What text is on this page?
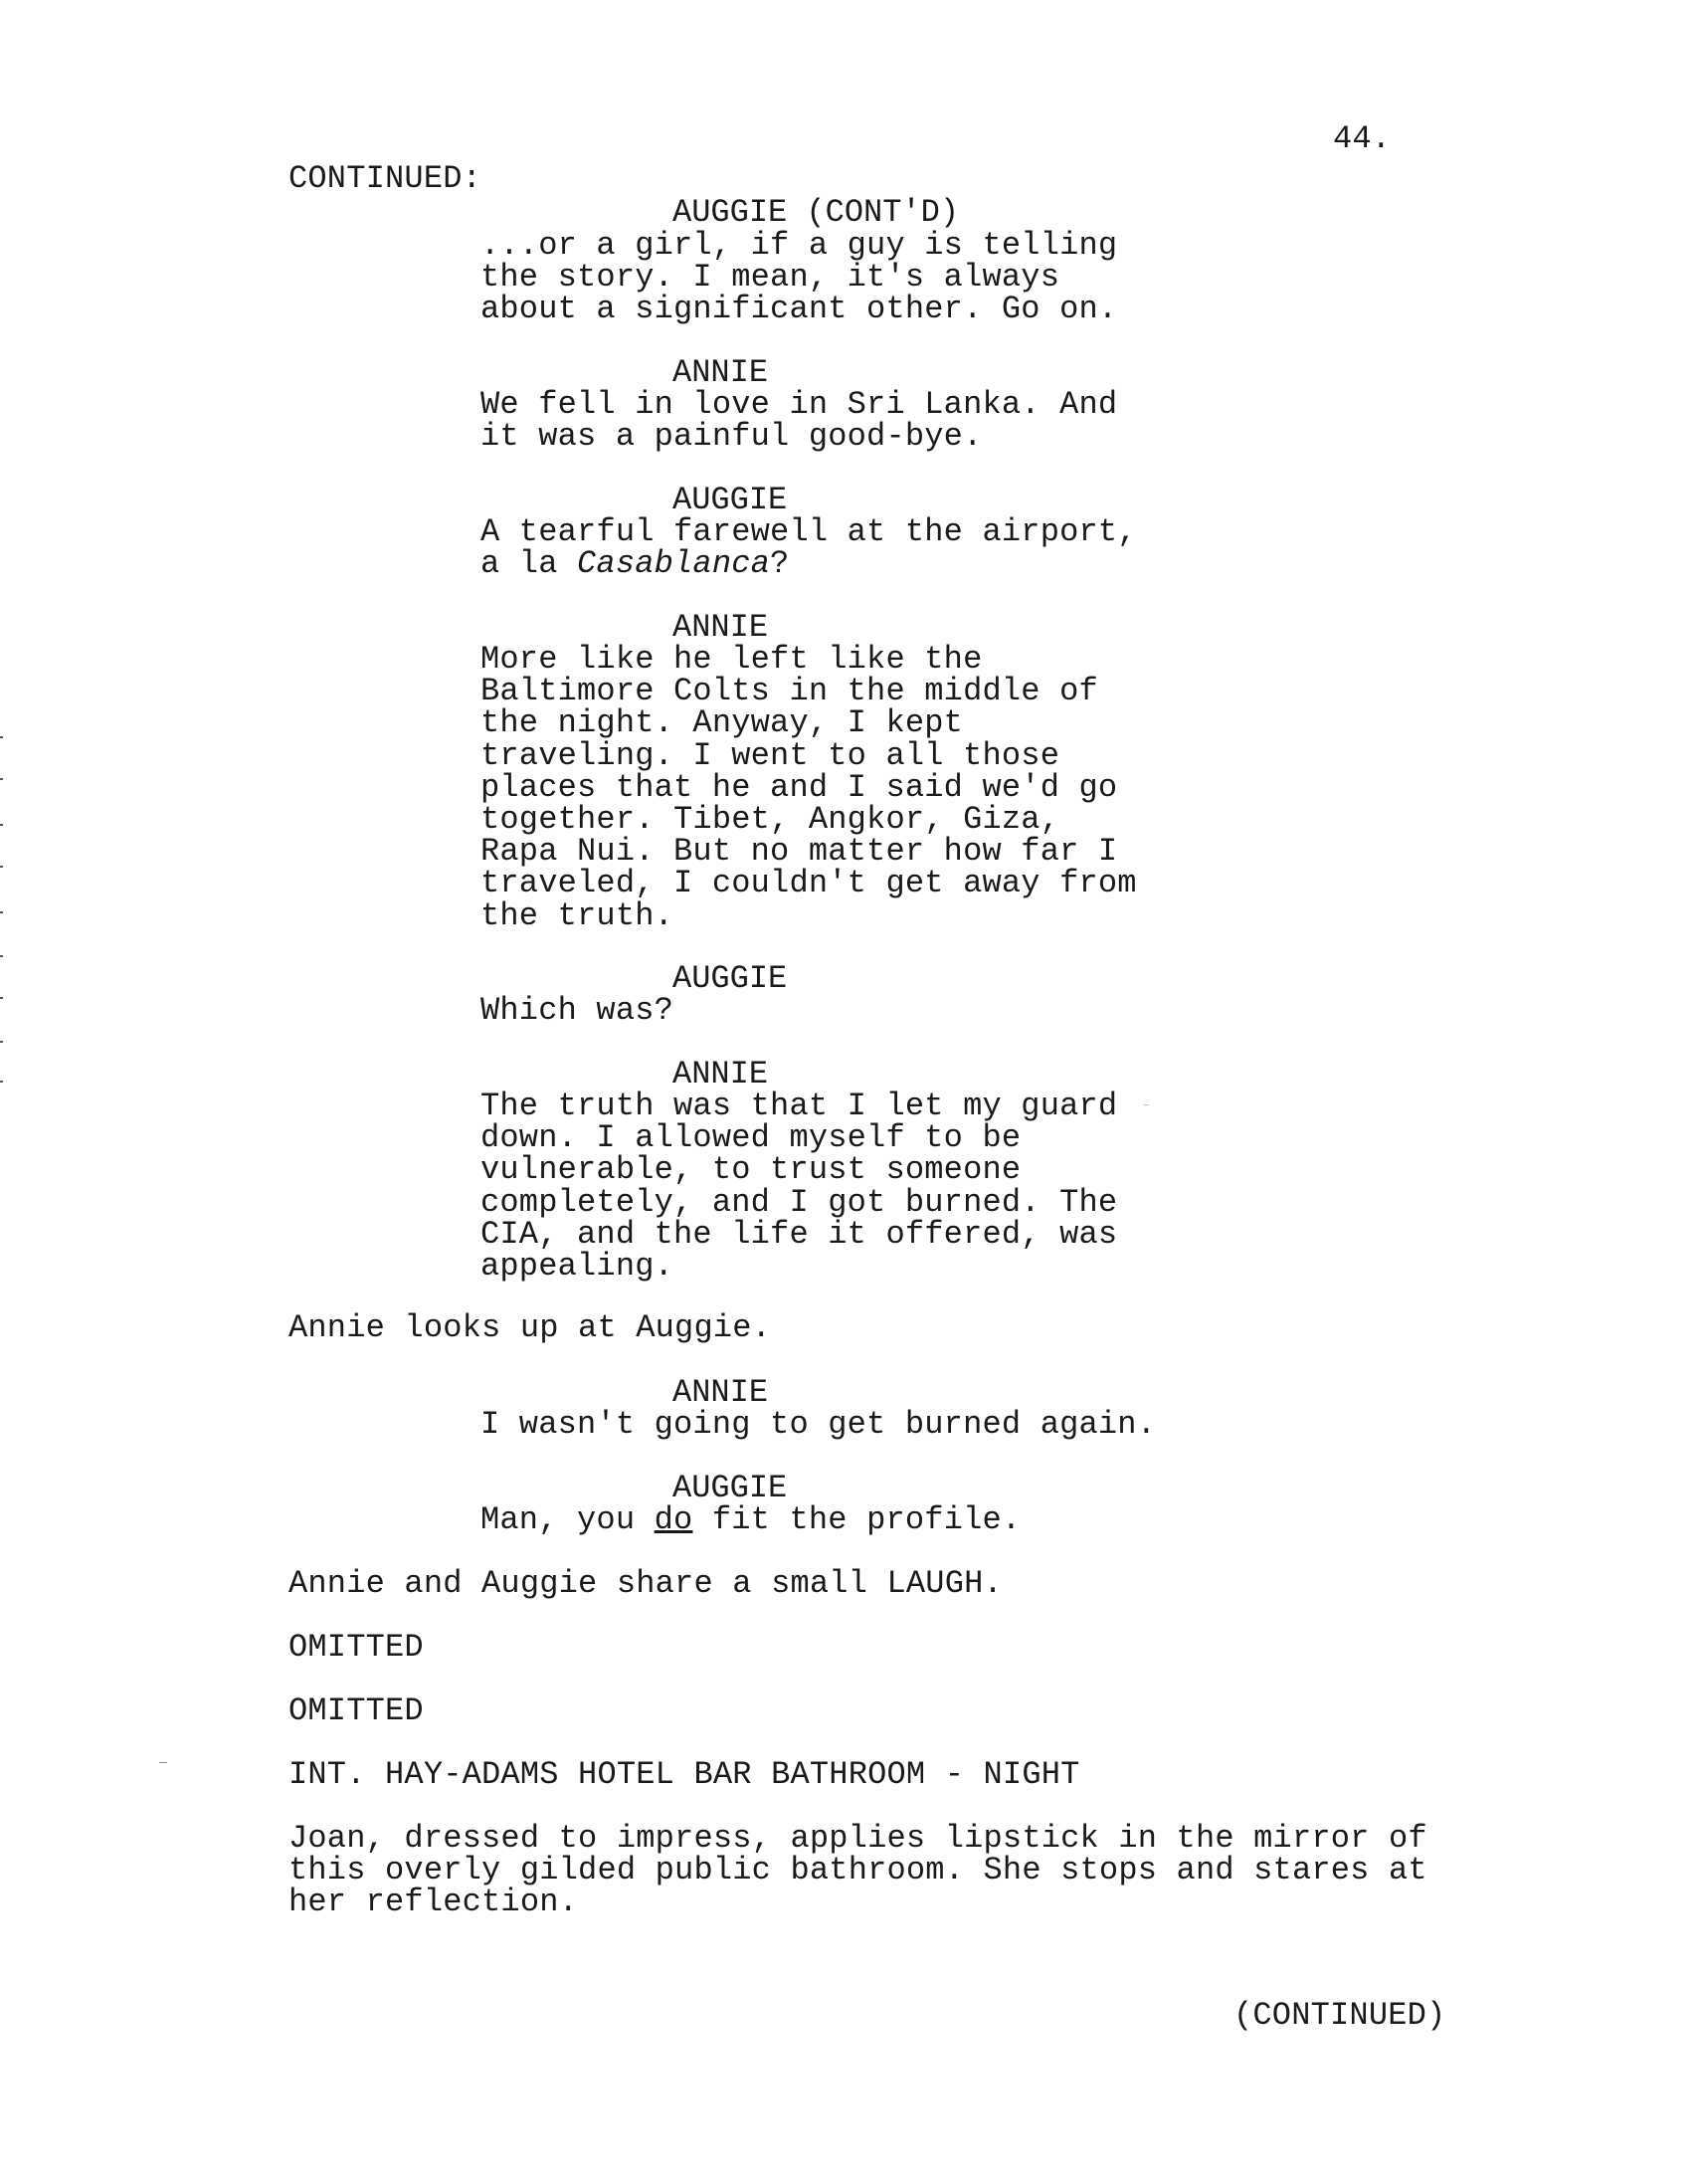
44.
CONTINUED:
AUGGIE (CONT'D)
...or a girl, if a guy is telling
the story. I mean, it's always
about a significant other. Go on.
ANNIE
We fell in love in Sri Lanka. And
it was a painful good-bye.
AUGGIE
A tearful farewell at the airport,
a la Casablanca?
ANNIE
More like he left like the
Baltimore Colts in the middle of
the night. Anyway, I kept
traveling. I went to all those
places that he and I said we'd go
together. Tibet, Angkor, Giza,
Rapa Nui. But no matter how far I
traveled, I couldn't get away from
the truth.
AUGGIE
Which was?
ANNIE
The truth was that I let my guard
down. I allowed myself to be
vulnerable, to trust someone
completely, and I got burned. The
CIA, and the life it offered, was
appealing.
Annie looks up at Auggie.
ANNIE
I wasn't going to get burned again.
AUGGIE
Man, you do fit the profile.
Annie and Auggie share a small LAUGH.
OMITTED
OMITTED
INT. HAY-ADAMS HOTEL BAR BATHROOM - NIGHT
Joan, dressed to impress, applies lipstick in the mirror of
this overly gilded public bathroom. She stops and stares at
her reflection.
(CONTINUED)
